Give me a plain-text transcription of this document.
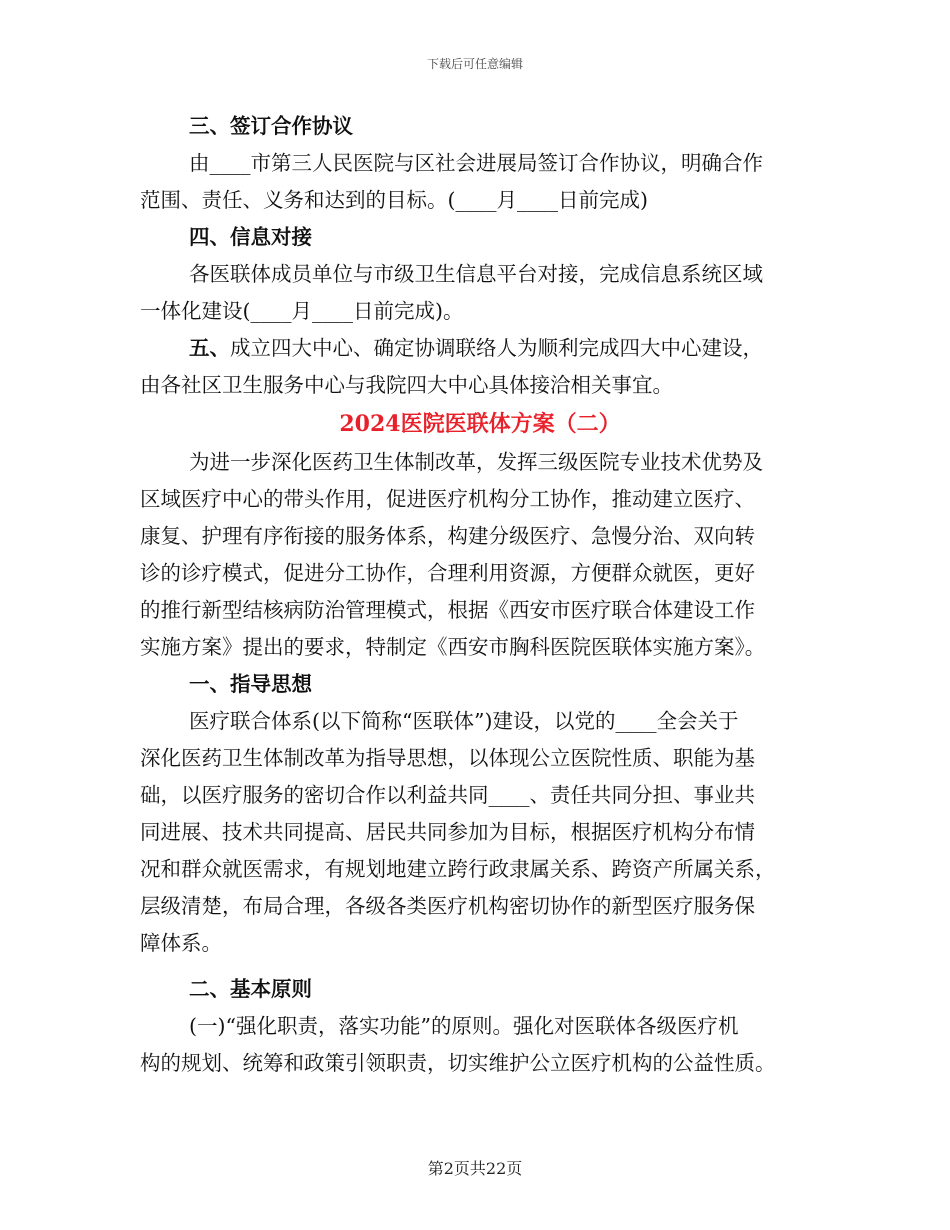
下载后可任意编辑
三、签订合作协议
由____市第三人民医院与区社会进展局签订合作协议，明确合作
范围、责任、义务和达到的目标。(____月____日前完成)
四、信息对接
各医联体成员单位与市级卫生信息平台对接，完成信息系统区域
一体化建设(____月____日前完成)。
五、成立四大中心、确定协调联络人为顺利完成四大中心建设，
由各社区卫生服务中心与我院四大中心具体接洽相关事宜。
2024医院医联体方案（二）
为进一步深化医药卫生体制改革，发挥三级医院专业技术优势及
区域医疗中心的带头作用，促进医疗机构分工协作，推动建立医疗、
康复、护理有序衔接的服务体系，构建分级医疗、急慢分治、双向转
诊的诊疗模式，促进分工协作，合理利用资源，方便群众就医，更好
的推行新型结核病防治管理模式，根据《西安市医疗联合体建设工作
实施方案》提出的要求，特制定《西安市胸科医院医联体实施方案》。
一、指导思想
医疗联合体系(以下简称“医联体”)建设，以党的____全会关于
深化医药卫生体制改革为指导思想，以体现公立医院性质、职能为基
础，以医疗服务的密切合作以利益共同____、责任共同分担、事业共
同进展、技术共同提高、居民共同参加为目标，根据医疗机构分布情
况和群众就医需求，有规划地建立跨行政隶属关系、跨资产所属关系，
层级清楚，布局合理，各级各类医疗机构密切协作的新型医疗服务保
障体系。
二、基本原则
(一)“强化职责，落实功能”的原则。强化对医联体各级医疗机
构的规划、统筹和政策引领职责，切实维护公立医疗机构的公益性质。
第2页共22页
